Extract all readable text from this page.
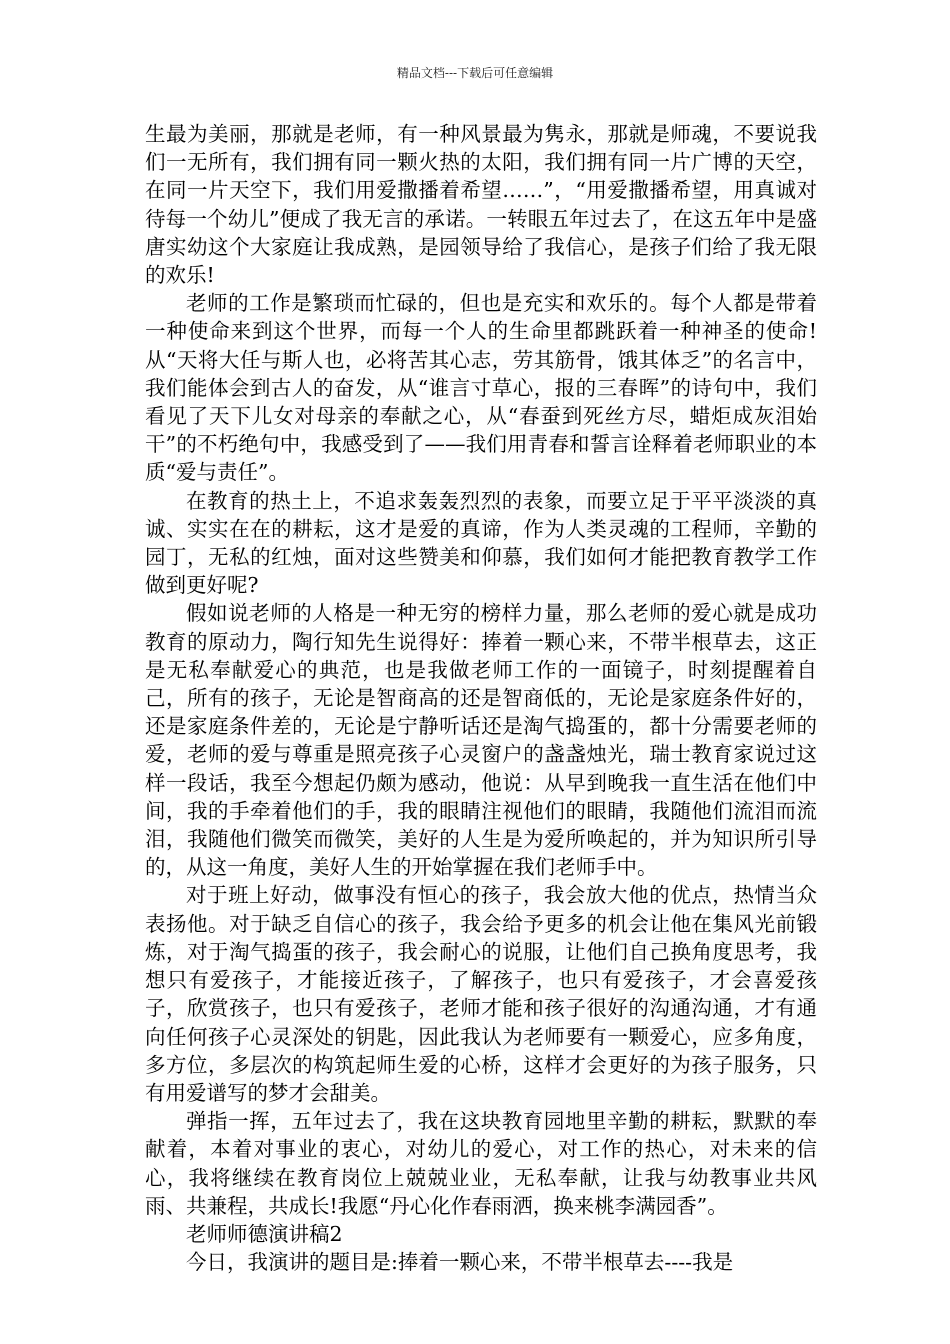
精品文档---下载后可任意编辑

生最为美丽，那就是老师，有一种风景最为隽永，那就是师魂，不要说我们一无所有，我们拥有同一颗火热的太阳，我们拥有同一片广博的天空，在同一片天空下，我们用爱撒播着希望……”，“用爱撒播希望，用真诚对待每一个幼儿”便成了我无言的承诺。一转眼五年过去了，在这五年中是盛唐实幼这个大家庭让我成熟，是园领导给了我信心，是孩子们给了我无限的欢乐!

老师的工作是繁琐而忙碌的，但也是充实和欢乐的。每个人都是带着一种使命来到这个世界，而每一个人的生命里都跳跃着一种神圣的使命!从“天将大任与斯人也，必将苦其心志，劳其筋骨，饿其体乏”的名言中，我们能体会到古人的奋发，从“谁言寸草心，报的三春晖”的诗句中，我们看见了天下儿女对母亲的奉献之心，从“春蚕到死丝方尽，蜡炬成灰泪始干”的不朽绝句中，我感受到了——我们用青春和誓言诠释着老师职业的本质“爱与责任”。

在教育的热土上，不追求轰轰烈烈的表象，而要立足于平平淡淡的真诚、实实在在的耕耘，这才是爱的真谛，作为人类灵魂的工程师，辛勤的园丁，无私的红烛，面对这些赞美和仰慕，我们如何才能把教育教学工作做到更好呢?

假如说老师的人格是一种无穷的榜样力量，那么老师的爱心就是成功教育的原动力，陶行知先生说得好：捧着一颗心来，不带半根草去，这正是无私奉献爱心的典范，也是我做老师工作的一面镜子，时刻提醒着自己，所有的孩子，无论是智商高的还是智商低的，无论是家庭条件好的，还是家庭条件差的，无论是宁静听话还是淘气捣蛋的，都十分需要老师的爱，老师的爱与尊重是照亮孩子心灵窗户的盏盏烛光，瑞士教育家说过这样一段话，我至今想起仍颇为感动，他说：从早到晚我一直生活在他们中间，我的手牵着他们的手，我的眼睛注视他们的眼睛，我随他们流泪而流泪，我随他们微笑而微笑，美好的人生是为爱所唤起的，并为知识所引导的，从这一角度，美好人生的开始掌握在我们老师手中。

对于班上好动，做事没有恒心的孩子，我会放大他的优点，热情当众表扬他。对于缺乏自信心的孩子，我会给予更多的机会让他在集风光前锻炼，对于淘气捣蛋的孩子，我会耐心的说服，让他们自己换角度思考，我想只有爱孩子，才能接近孩子，了解孩子，也只有爱孩子，才会喜爱孩子，欣赏孩子，也只有爱孩子，老师才能和孩子很好的沟通沟通，才有通向任何孩子心灵深处的钥匙，因此我认为老师要有一颗爱心，应多角度，多方位，多层次的构筑起师生爱的心桥，这样才会更好的为孩子服务，只有用爱谱写的梦才会甜美。

弹指一挥，五年过去了，我在这块教育园地里辛勤的耕耘，默默的奉献着，本着对事业的衷心，对幼儿的爱心，对工作的热心，对未来的信心，我将继续在教育岗位上兢兢业业，无私奉献，让我与幼教事业共风雨、共兼程，共成长!我愿“丹心化作春雨洒，换来桃李满园香”。

老师师德演讲稿2

今日，我演讲的题目是:捧着一颗心来，不带半根草去----我是
